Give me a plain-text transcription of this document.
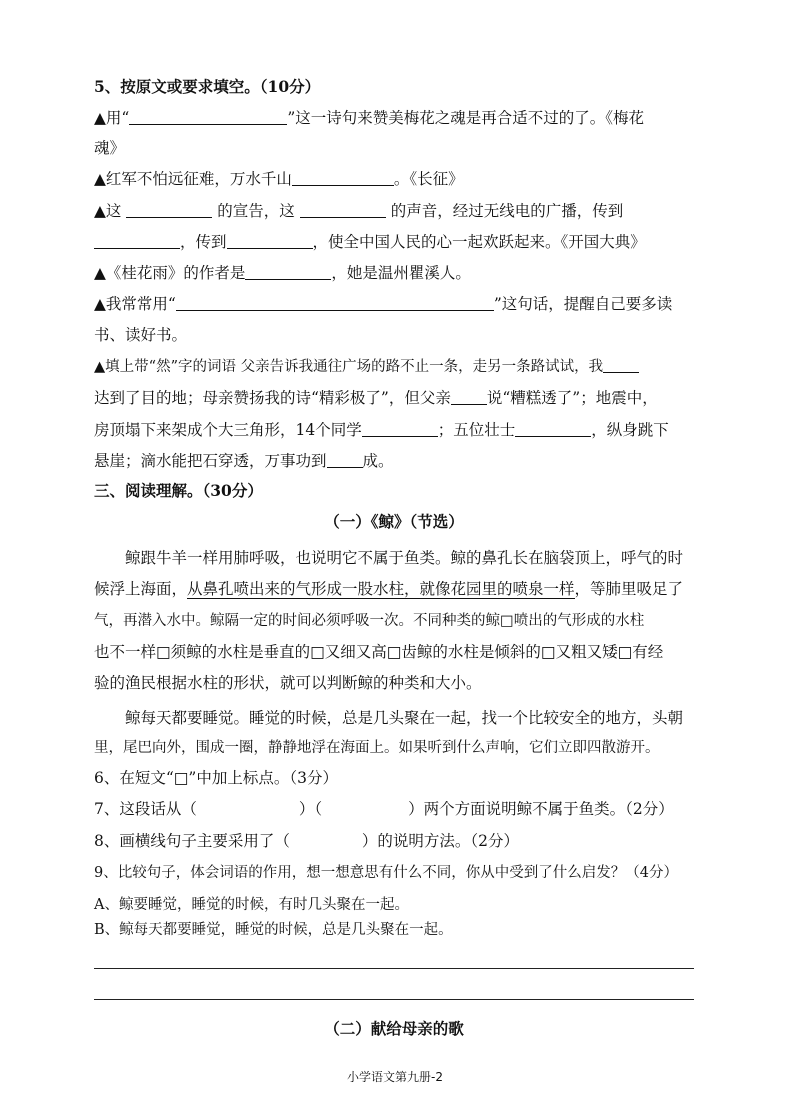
5、按原文或要求填空。（10分）
▲用“	”这一诗句来赞美梅花之魂是再合适不过的了。《梅花
魂》
▲红军不怕远征难，万水千山	。《长征》
▲这	的宣告，这	的声音，经过无线电的广播，传到
，传到	，使全中国人民的心一起欢跃起来。《开国大典》
▲《桂花雨》的作者是	，她是温州瞿溪人。
▲我常常用“	”这句话，提醒自己要多读
书、读好书。
▲填上带“然”字的词语 父亲告诉我通往广场的路不止一条，走另一条路试试，我
达到了目的地；母亲赞扬我的诗“精彩极了”，但父亲 说“糟糕透了”；地震中，
房顶塌下来架成个大三角形，14个同学	；五位壮士	，纵身跳下
悬崖；滴水能把石穿透，万事功到 成。
三、阅读理解。（30分）
（一）《鲸》（节选）
鲸跟牛羊一样用肺呼吸，也说明它不属于鱼类。鲸的鼻孔长在脑袋顶上，呼气的时
候浮上海面，从鼻孔喷出来的气形成一股水柱，就像花园里的喷泉一样，等肺里吸足了
气，再潜入水中。鲸隔一定的时间必须呼吸一次。不同种类的鲸□喷出的气形成的水柱
也不一样□须鲸的水柱是垂直的□又细又高□齿鲸的水柱是倾斜的□又粗又矮□有经
验的渔民根据水柱的形状，就可以判断鲸的种类和大小。
鲸每天都要睡觉。睡觉的时候，总是几头聚在一起，找一个比较安全的地方，头朝
里，尾巴向外，围成一圈，静静地浮在海面上。如果听到什么声响，它们立即四散游开。
6、在短文“□”中加上标点。（3分）
7、这段话从（	）（	）两个方面说明鲸不属于鱼类。（2分）
8、画横线句子主要采用了（	）的说明方法。（2分）
9、比较句子，体会词语的作用，想一想意思有什么不同，你从中受到了什么启发？（4分）
A、鲸要睡觉，睡觉的时候，有时几头聚在一起。
B、鲸每天都要睡觉，睡觉的时候，总是几头聚在一起。
（二）献给母亲的歌
小学语文第九册-2
